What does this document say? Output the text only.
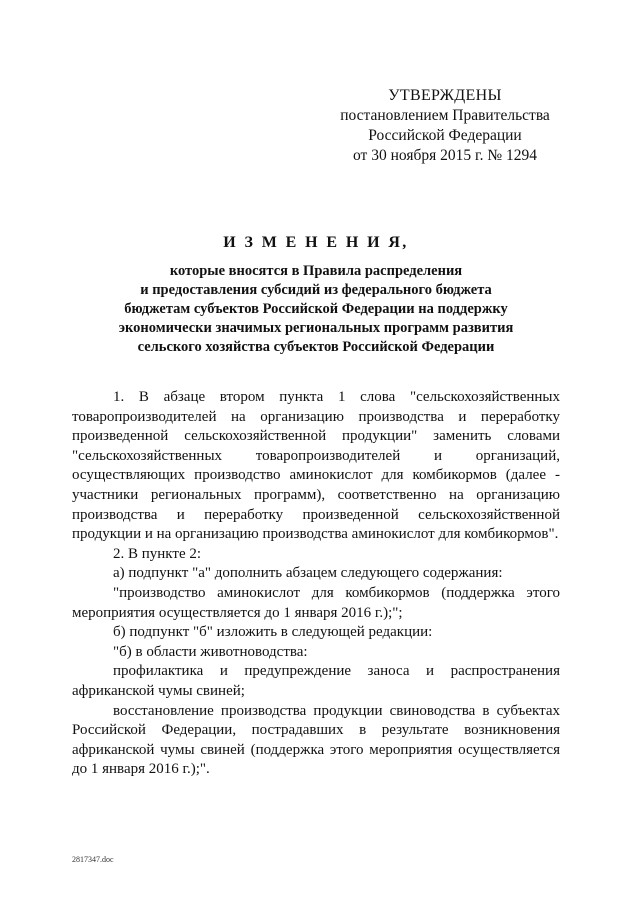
УТВЕРЖДЕНЫ
постановлением Правительства
Российской Федерации
от 30 ноября 2015 г. № 1294
И З М Е Н Е Н И Я,
которые вносятся в Правила распределения
и предоставления субсидий из федерального бюджета
бюджетам субъектов Российской Федерации на поддержку
экономически значимых региональных программ развития
сельского хозяйства субъектов Российской Федерации

1. В абзаце втором пункта 1 слова "сельскохозяйственных товаропроизводителей на организацию производства и переработку произведенной сельскохозяйственной продукции" заменить словами "сельскохозяйственных товаропроизводителей и организаций, осуществляющих производство аминокислот для комбикормов (далее - участники региональных программ), соответственно на организацию производства и переработку произведенной сельскохозяйственной продукции и на организацию производства аминокислот для комбикормов".

2. В пункте 2:

а) подпункт "а" дополнить абзацем следующего содержания:

"производство аминокислот для комбикормов (поддержка этого мероприятия осуществляется до 1 января 2016 г.);";

б) подпункт "б" изложить в следующей редакции:

"б) в области животноводства:

профилактика и предупреждение заноса и распространения африканской чумы свиней;

восстановление производства продукции свиноводства в субъектах Российской Федерации, пострадавших в результате возникновения африканской чумы свиней (поддержка этого мероприятия осуществляется до 1 января 2016 г.);".

2817347.doc
